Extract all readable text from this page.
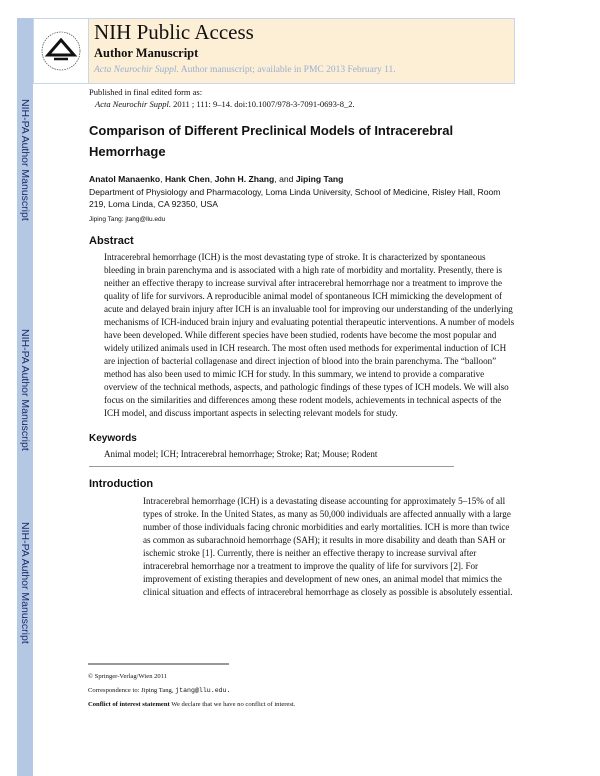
NIH-PA Author Manuscript
NIH-PA Author Manuscript
NIH-PA Author Manuscript
NIH Public Access
Author Manuscript
Acta Neurochir Suppl. Author manuscript; available in PMC 2013 February 11.
Published in final edited form as:
Acta Neurochir Suppl. 2011 ; 111: 9–14. doi:10.1007/978-3-7091-0693-8_2.
Comparison of Different Preclinical Models of Intracerebral Hemorrhage
Anatol Manaenko, Hank Chen, John H. Zhang, and Jiping Tang
Department of Physiology and Pharmacology, Loma Linda University, School of Medicine, Risley Hall, Room 219, Loma Linda, CA 92350, USA
Jiping Tang: jtang@llu.edu
Abstract
Intracerebral hemorrhage (ICH) is the most devastating type of stroke. It is characterized by spontaneous bleeding in brain parenchyma and is associated with a high rate of morbidity and mortality. Presently, there is neither an effective therapy to increase survival after intracerebral hemorrhage nor a treatment to improve the quality of life for survivors. A reproducible animal model of spontaneous ICH mimicking the development of acute and delayed brain injury after ICH is an invaluable tool for improving our understanding of the underlying mechanisms of ICH-induced brain injury and evaluating potential therapeutic interventions. A number of models have been developed. While different species have been studied, rodents have become the most popular and widely utilized animals used in ICH research. The most often used methods for experimental induction of ICH are injection of bacterial collagenase and direct injection of blood into the brain parenchyma. The “balloon” method has also been used to mimic ICH for study. In this summary, we intend to provide a comparative overview of the technical methods, aspects, and pathologic findings of these types of ICH models. We will also focus on the similarities and differences among these rodent models, achievements in technical aspects of the ICH model, and discuss important aspects in selecting relevant models for study.
Keywords
Animal model; ICH; Intracerebral hemorrhage; Stroke; Rat; Mouse; Rodent
Introduction
Intracerebral hemorrhage (ICH) is a devastating disease accounting for approximately 5–15% of all types of stroke. In the United States, as many as 50,000 individuals are affected annually with a large number of those individuals facing chronic morbidities and early mortalities. ICH is more than twice as common as subarachnoid hemorrhage (SAH); it results in more disability and death than SAH or ischemic stroke [1]. Currently, there is neither an effective therapy to increase survival after intracerebral hemorrhage nor a treatment to improve the quality of life for survivors [2]. For improvement of existing therapies and development of new ones, an animal model that mimics the clinical situation and effects of intracerebral hemorrhage as closely as possible is absolutely essential.
© Springer-Verlag/Wien 2011
Correspondence to: Jiping Tang, jtang@llu.edu.
Conflict of interest statement We declare that we have no conflict of interest.
